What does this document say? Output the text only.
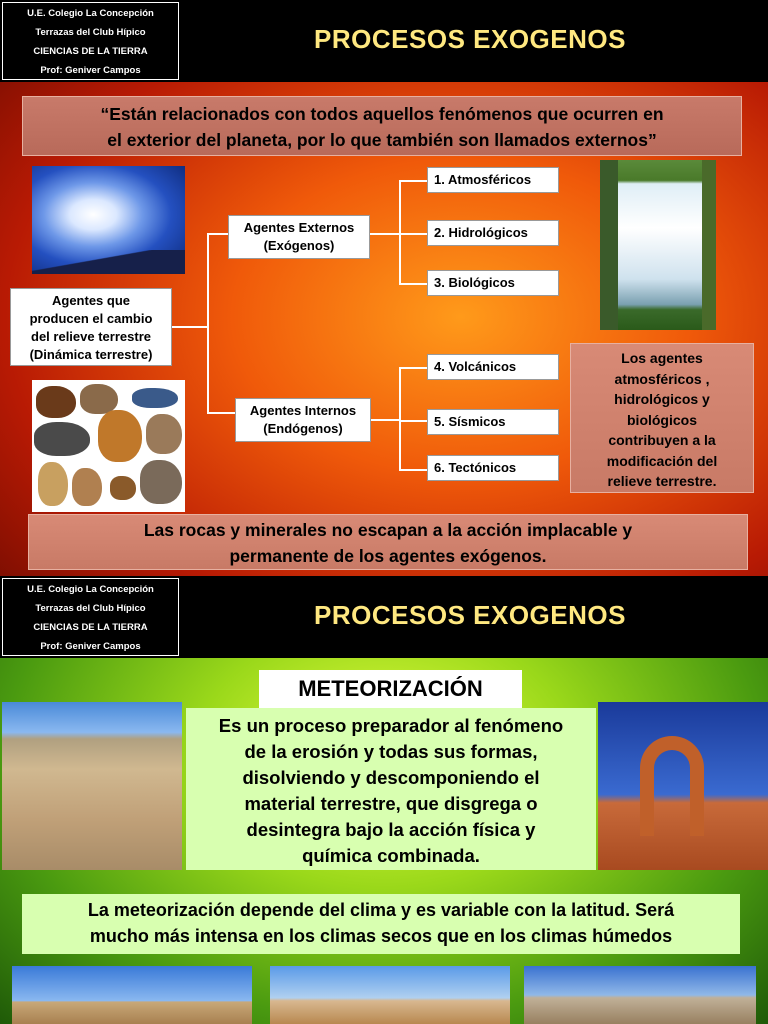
U.E. Colegio La Concepción
Terrazas del Club Hípico
CIENCIAS DE LA TIERRA
Prof: Geniver Campos
PROCESOS EXOGENOS
“Están relacionados con todos aquellos fenómenos que ocurren en
el exterior del planeta, por lo que también son llamados externos”
Agentes que
producen el cambio
del relieve terrestre
(Dinámica terrestre)
Agentes Externos
(Exógenos)
Agentes Internos
(Endógenos)
1. Atmosféricos
2. Hidrológicos
3. Biológicos
4. Volcánicos
5. Sísmicos
6. Tectónicos
Los agentes
atmosféricos ,
hidrológicos y
biológicos
contribuyen a la
modificación del
relieve terrestre.
Las rocas y minerales no escapan a la acción implacable y
permanente de los agentes exógenos.
U.E. Colegio La Concepción
Terrazas del Club Hípico
CIENCIAS DE LA TIERRA
Prof: Geniver Campos
PROCESOS EXOGENOS
METEORIZACIÓN
Es un proceso preparador al fenómeno
de la erosión y todas sus formas,
disolviendo y descomponiendo el
material terrestre, que disgrega o
desintegra bajo la acción física y
química combinada.
La meteorización depende del clima y es variable con la latitud. Será
mucho más intensa en los climas secos que en los climas húmedos
